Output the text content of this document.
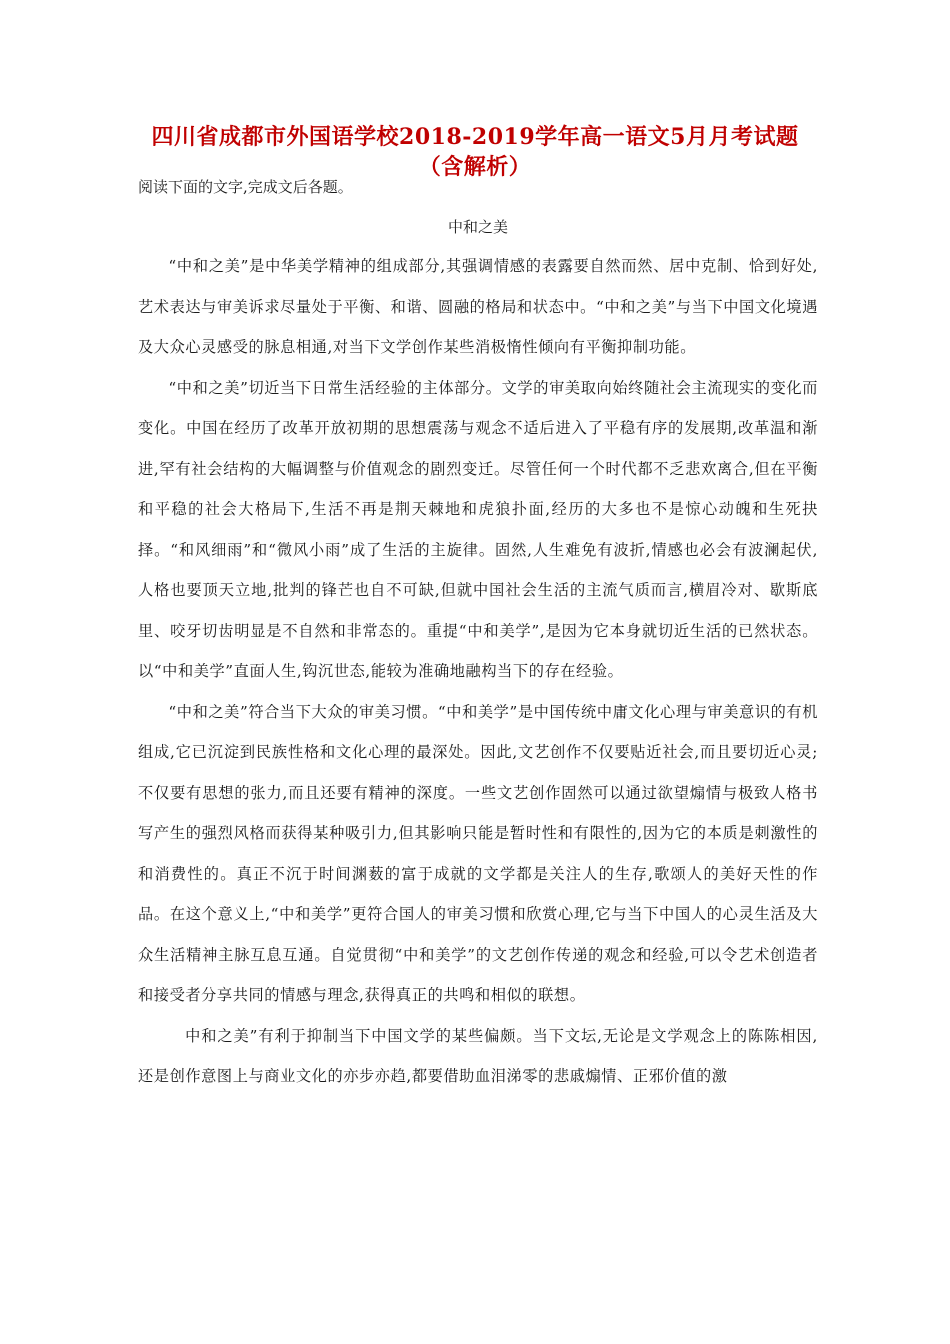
四川省成都市外国语学校2018-2019学年高一语文5月月考试题（含解析）
阅读下面的文字,完成文后各题。
中和之美

“中和之美”是中华美学精神的组成部分,其强调情感的表露要自然而然、居中克制、恰到好处,艺术表达与审美诉求尽量处于平衡、和谐、圆融的格局和状态中。“中和之美”与当下中国文化境遇及大众心灵感受的脉息相通,对当下文学创作某些消极惰性倾向有平衡抑制功能。

“中和之美”切近当下日常生活经验的主体部分。文学的审美取向始终随社会主流现实的变化而变化。中国在经历了改革开放初期的思想震荡与观念不适后进入了平稳有序的发展期,改革温和渐进,罕有社会结构的大幅调整与价值观念的剧烈变迁。尽管任何一个时代都不乏悲欢离合,但在平衡和平稳的社会大格局下,生活不再是荆天棘地和虎狼扑面,经历的大多也不是惊心动魄和生死抉择。“和风细雨”和“微风小雨”成了生活的主旋律。固然,人生难免有波折,情感也必会有波澜起伏,人格也要顶天立地,批判的锋芒也自不可缺,但就中国社会生活的主流气质而言,横眉冷对、歇斯底里、咬牙切齿明显是不自然和非常态的。重提“中和美学”,是因为它本身就切近生活的已然状态。以“中和美学”直面人生,钩沉世态,能较为准确地融构当下的存在经验。

“中和之美”符合当下大众的审美习惯。“中和美学”是中国传统中庸文化心理与审美意识的有机组成,它已沉淀到民族性格和文化心理的最深处。因此,文艺创作不仅要贴近社会,而且要切近心灵;不仅要有思想的张力,而且还要有精神的深度。一些文艺创作固然可以通过欲望煽情与极致人格书写产生的强烈风格而获得某种吸引力,但其影响只能是暂时性和有限性的,因为它的本质是刺激性的和消费性的。真正不沉于时间渊薮的富于成就的文学都是关注人的生存,歌颂人的美好天性的作品。在这个意义上,“中和美学”更符合国人的审美习惯和欣赏心理,它与当下中国人的心灵生活及大众生活精神主脉互息互通。自觉贯彻“中和美学”的文艺创作传递的观念和经验,可以令艺术创造者和接受者分享共同的情感与理念,获得真正的共鸣和相似的联想。

中和之美”有利于抑制当下中国文学的某些偏颇。当下文坛,无论是文学观念上的陈陈相因,还是创作意图上与商业文化的亦步亦趋,都要借助血泪涕零的悲戚煽情、正邪价值的激
